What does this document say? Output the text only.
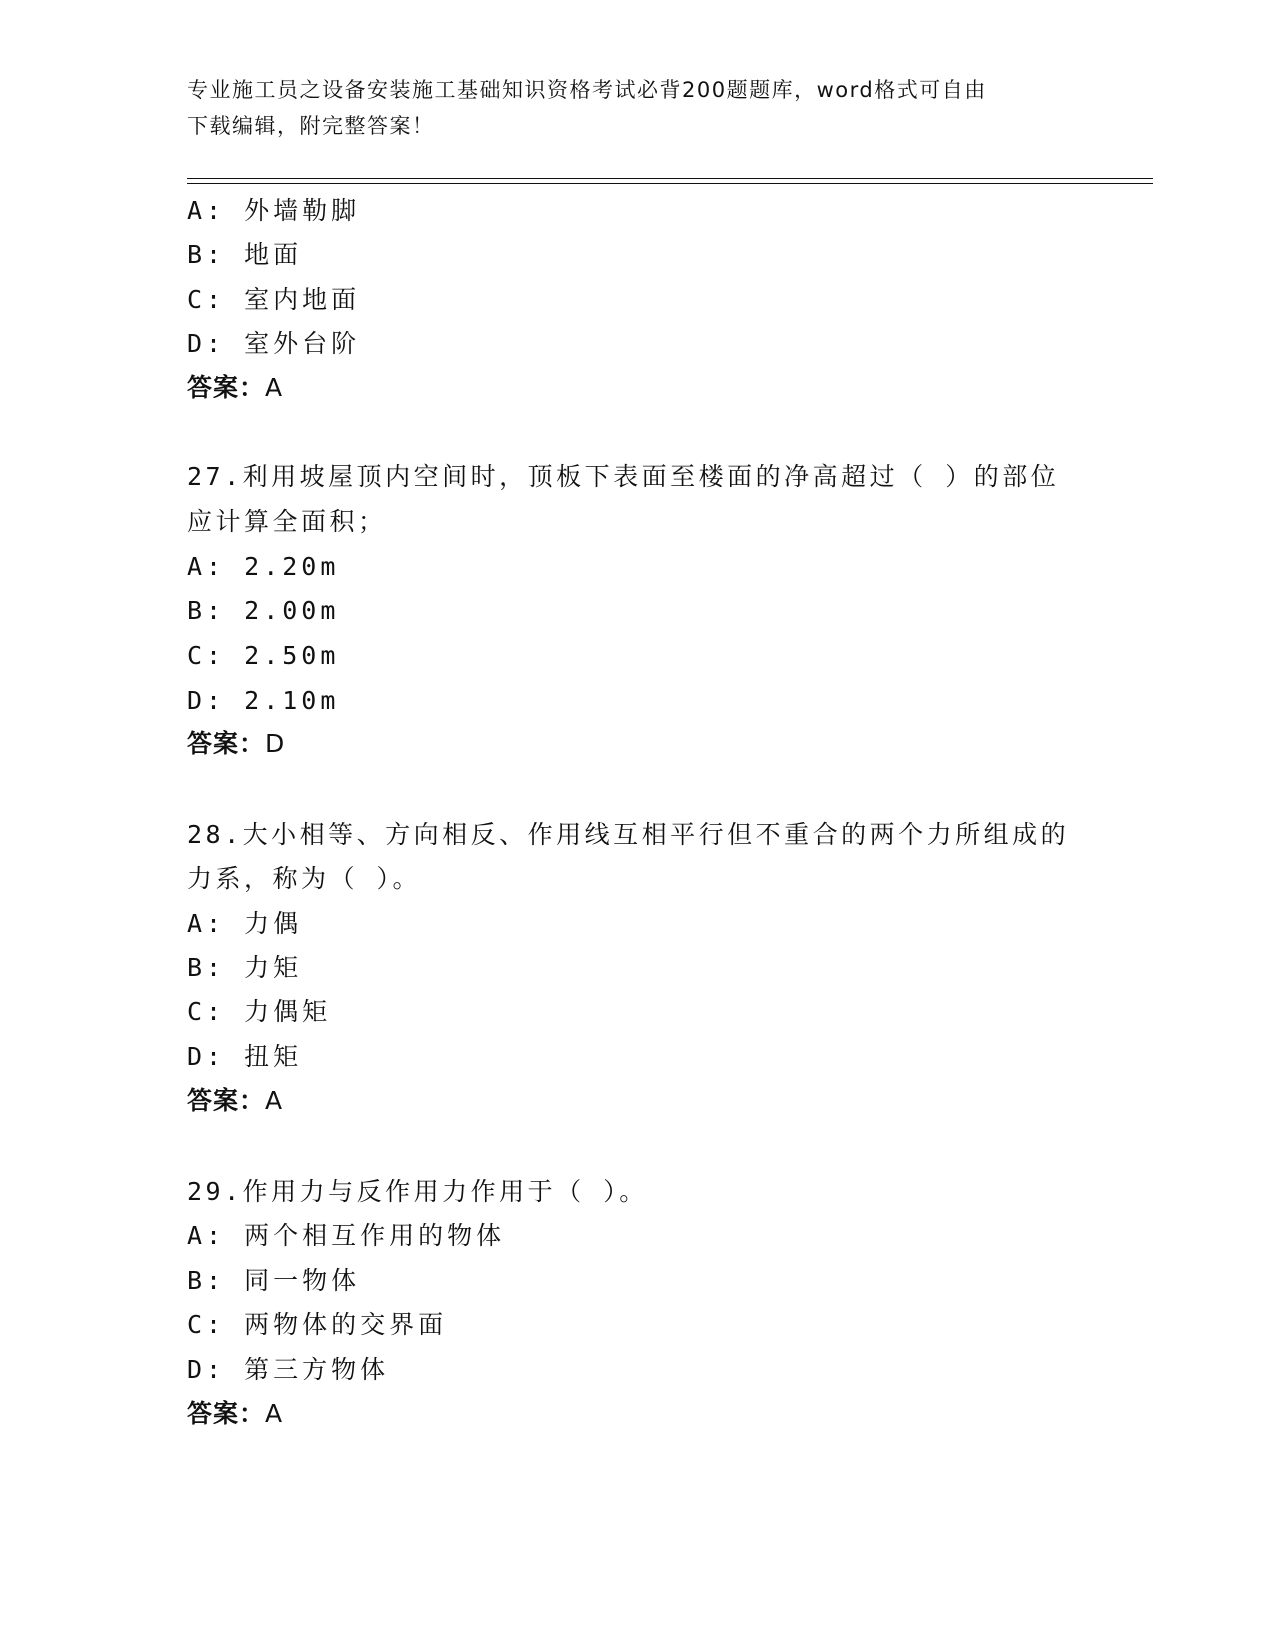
专业施工员之设备安装施工基础知识资格考试必背200题题库，word格式可自由
下载编辑，附完整答案！
A: 外墙勒脚
B: 地面
C: 室内地面
D: 室外台阶
答案：A
27.利用坡屋顶内空间时，顶板下表面至楼面的净高超过（ ）的部位
应计算全面积；
A: 2.20m
B: 2.00m
C: 2.50m
D: 2.10m
答案：D
28.大小相等、方向相反、作用线互相平行但不重合的两个力所组成的
力系，称为（ ）。
A: 力偶
B: 力矩
C: 力偶矩
D: 扭矩
答案：A
29.作用力与反作用力作用于（ ）。
A: 两个相互作用的物体
B: 同一物体
C: 两物体的交界面
D: 第三方物体
答案：A
